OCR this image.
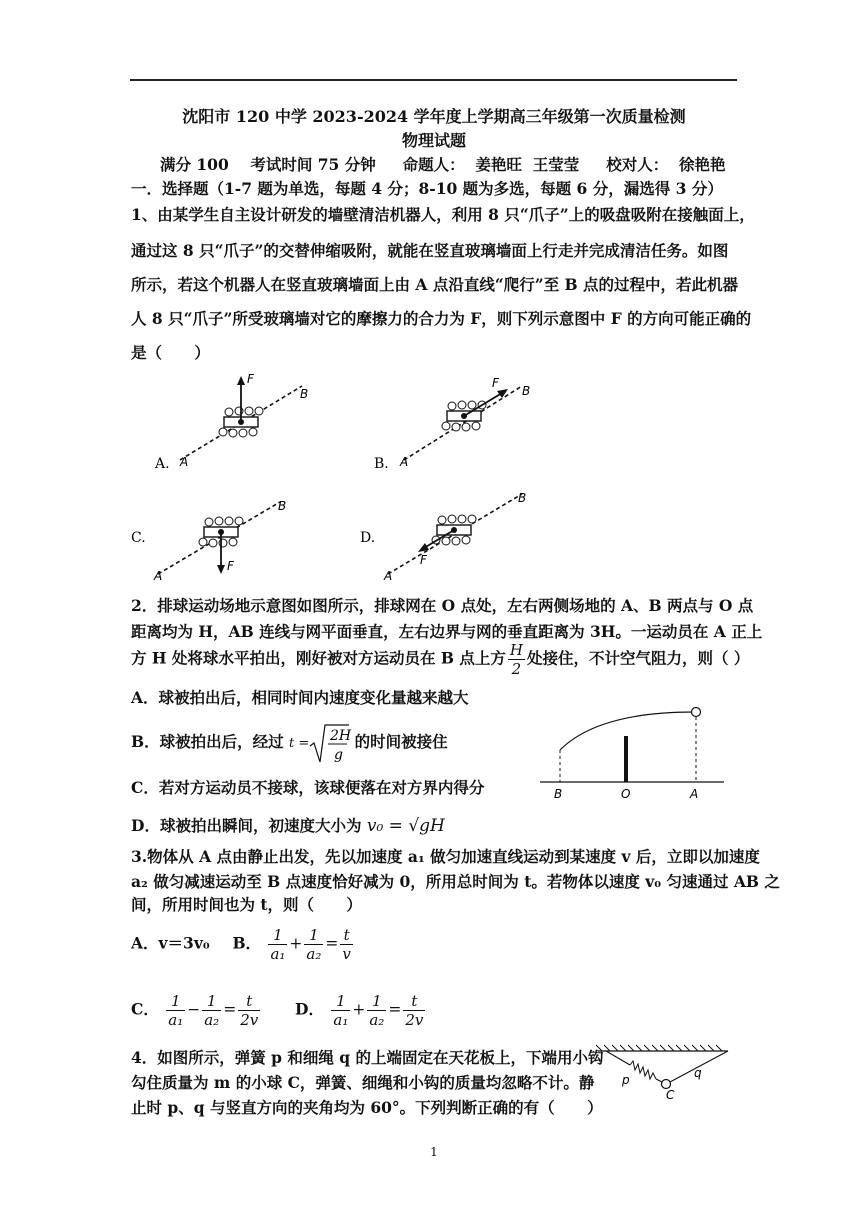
沈阳市 120 中学 2023-2024 学年度上学期高三年级第一次质量检测
物理试题
满分 100    考试时间 75 分钟     命题人：  姜艳旺  王莹莹     校对人：  徐艳艳
一．选择题（1-7 题为单选，每题 4 分；8-10 题为多选，每题 6 分，漏选得 3 分）
1、由某学生自主设计研发的墙壁清洁机器人，利用 8 只“爪子”上的吸盘吸附在接触面上，
通过这 8 只“爪子”的交替伸缩吸附，就能在竖直玻璃墙面上行走并完成清洁任务。如图
所示，若这个机器人在竖直玻璃墙面上由 A 点沿直线“爬行”至 B 点的过程中，若此机器
人 8 只“爪子”所受玻璃墙对它的摩擦力的合力为 F，则下列示意图中 F 的方向可能正确的
是（      ）
F
B
A
A.
F
B
A
B.
F
B
A
C.
F
B
A
D.
2．排球运动场地示意图如图所示，排球网在 O 点处，左右两侧场地的 A、B 两点与 O 点
距离均为 H，AB 连线与网平面垂直，左右边界与网的垂直距离为 3H。一运动员在 A 正上
方 H 处将球水平拍出，刚好被对方运动员在 B 点上方 $\frac{H}{2}$ 处接住，不计空气阻力，则（ ）
A．球被拍出后，相同时间内速度变化量越来越大
B．球被拍出后，经过 t = 2H
g
的时间被接住
C．若对方运动员不接球，该球便落在对方界内得分
D．球被拍出瞬间，初速度大小为 v₀ = √gH
B	O	A
3.物体从 A 点由静止出发，先以加速度 a₁ 做匀加速直线运动到某速度 v 后，立即以加速度
a₂ 做匀减速运动至 B 点速度恰好减为 0，所用总时间为 t。若物体以速度 v₀ 匀速通过 AB 之
间，所用时间也为 t，则（      ）
A．v＝3v₀ B． $\frac{1}{\text{a₁}} + \frac{1}{\text{a₂}} = \frac{t}{v}$
C． $\frac{1}{\text{a₁}} - \frac{1}{\text{a₂}} = \frac{t}{2v}$ D． $\frac{1}{\text{a₁}} + \frac{1}{\text{a₂}} = \frac{t}{2v}$
4．如图所示，弹簧 p 和细绳 q 的上端固定在天花板上，下端用小钩
勾住质量为 m 的小球 C，弹簧、细绳和小钩的质量均忽略不计。静
止时 p、q 与竖直方向的夹角均为 60°。下列判断正确的有（      ）
p	q
C
1
